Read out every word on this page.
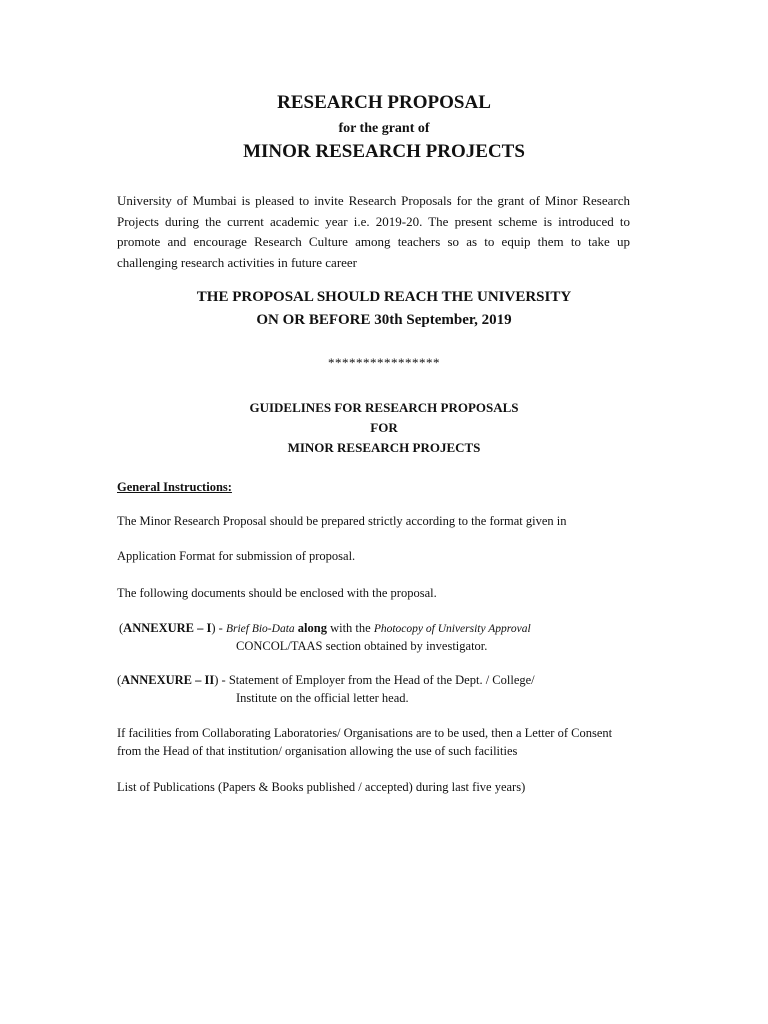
RESEARCH PROPOSAL
for the grant of
MINOR RESEARCH PROJECTS
University of Mumbai is pleased to invite Research Proposals for the grant of Minor Research Projects during the current academic year i.e. 2019-20. The present scheme is introduced to promote and encourage Research Culture among teachers so as to equip them to take up challenging research activities in future career
THE PROPOSAL SHOULD REACH THE UNIVERSITY
ON OR BEFORE 30th September, 2019
****************
GUIDELINES FOR RESEARCH PROPOSALS
FOR
MINOR RESEARCH PROJECTS
General Instructions:
The Minor Research Proposal should be prepared strictly according to the format given in
Application Format for submission of proposal.
The following documents should be enclosed with the proposal.
(ANNEXURE – I) - Brief Bio-Data along with the Photocopy of University Approval
CONCOL/TAAS section obtained by investigator.
(ANNEXURE – II) - Statement of Employer from the Head of the Dept. / College/
Institute on the official letter head.
If facilities from Collaborating Laboratories/ Organisations are to be used, then a Letter of Consent
from the Head of that institution/ organisation allowing the use of such facilities
List of Publications (Papers & Books published / accepted) during last five years)
